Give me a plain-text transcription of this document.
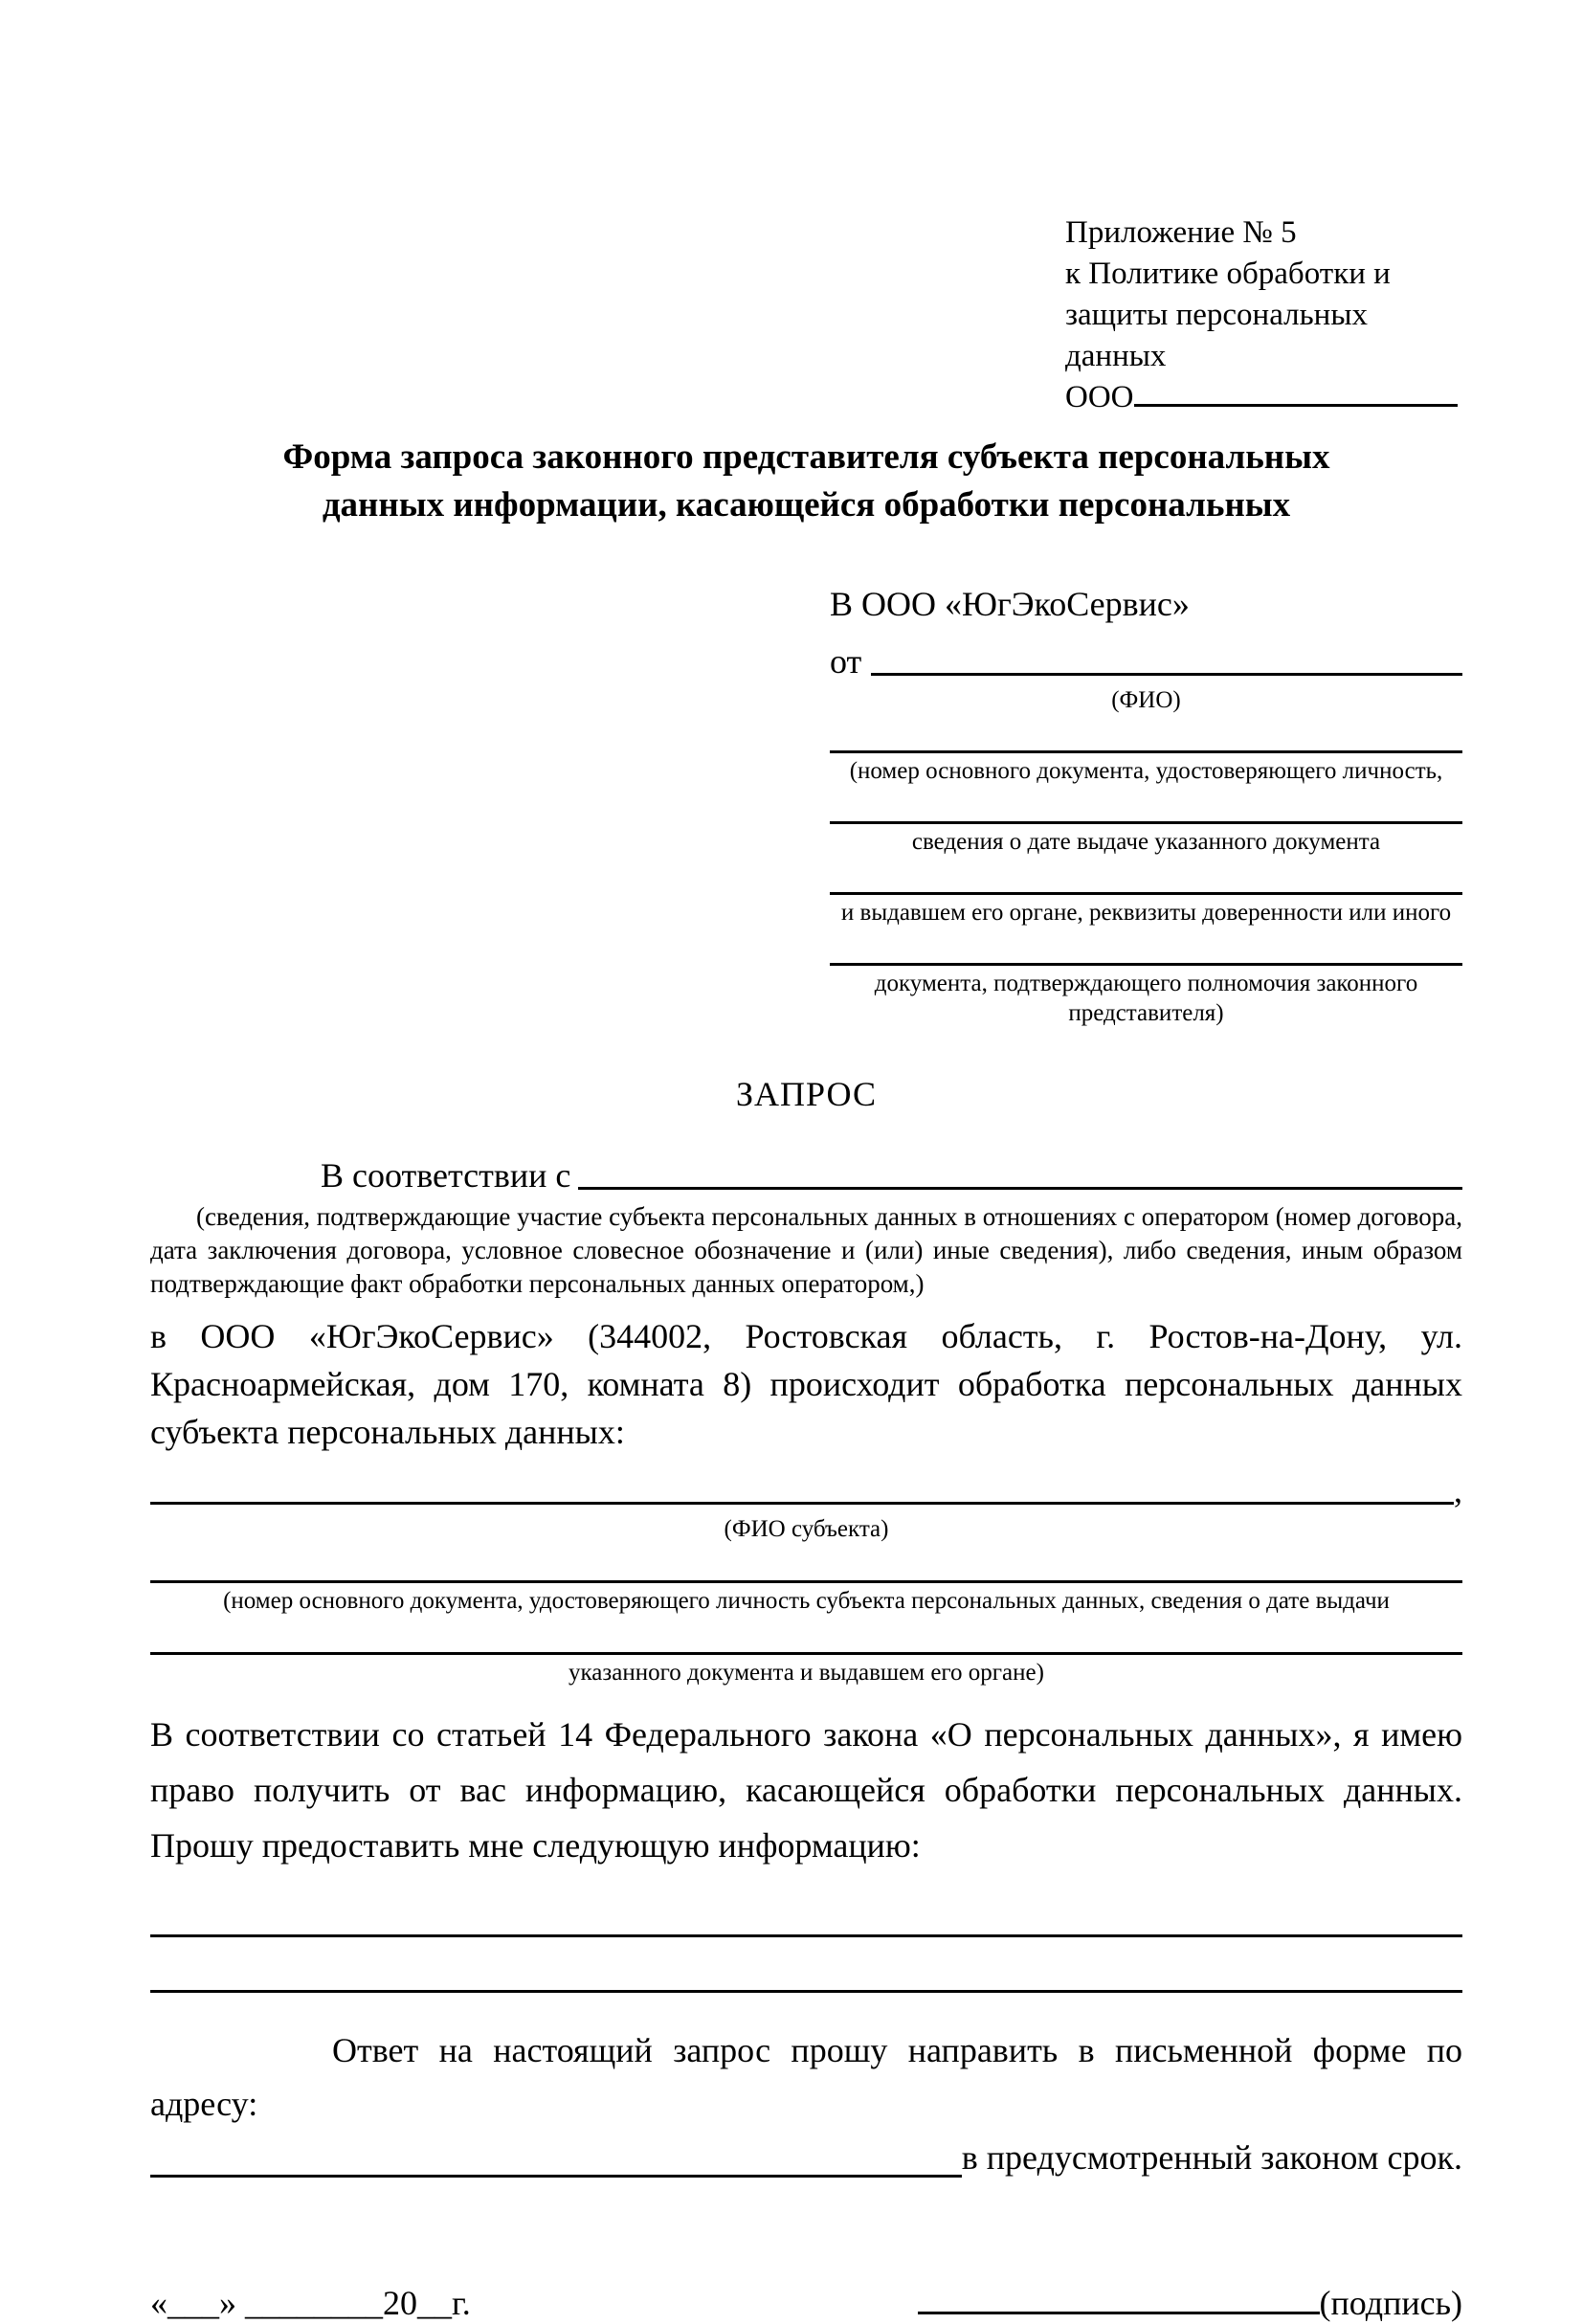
Приложение № 5
к Политике обработки и
защиты персональных данных
ООО
Форма запроса законного представителя субъекта персональных
данных информации, касающейся обработки персональных
В ООО «ЮгЭкоСервис»
от
(ФИО)
(номер основного документа, удостоверяющего личность,
сведения о дате выдаче указанного документа
и выдавшем его органе, реквизиты доверенности или иного
документа, подтверждающего полномочия законного представителя)
ЗАПРОС
В соответствии с
(сведения, подтверждающие участие субъекта персональных данных в отношениях с оператором (номер договора, дата заключения договора, условное словесное обозначение и (или) иные сведения), либо сведения, иным образом подтверждающие факт обработки персональных данных оператором,)

в ООО «ЮгЭкоСервис» (344002, Ростовская область, г. Ростов-на-Дону, ул. Красноармейская, дом 170, комната 8) происходит обработка персональных данных субъекта персональных данных:

,
(ФИО субъекта)
(номер основного документа, удостоверяющего личность субъекта персональных данных, сведения о дате выдачи
указанного документа и выдавшем его органе)

В соответствии со статьей 14 Федерального закона «О персональных данных», я имею право получить от вас информацию, касающейся обработки персональных данных. Прошу предоставить мне следующую информацию:

Ответ на настоящий запрос прошу направить в письменной форме по адресу:

в предусмотренный законом срок.
«___» ________20__г.	(подпись)
